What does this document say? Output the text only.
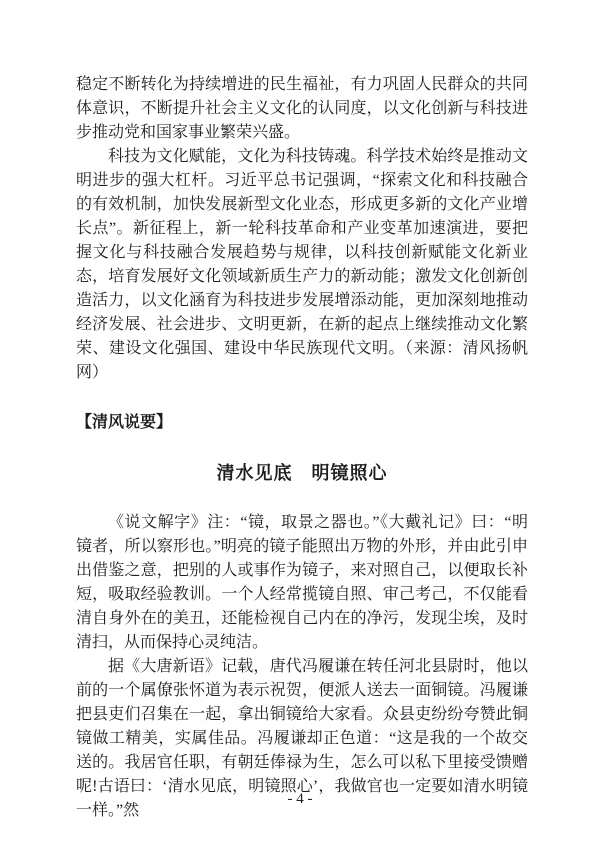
稳定不断转化为持续增进的民生福祉，有力巩固人民群众的共同体意识，不断提升社会主义文化的认同度，以文化创新与科技进步推动党和国家事业繁荣兴盛。

科技为文化赋能，文化为科技铸魂。科学技术始终是推动文明进步的强大杠杆。习近平总书记强调，“探索文化和科技融合的有效机制，加快发展新型文化业态，形成更多新的文化产业增长点”。新征程上，新一轮科技革命和产业变革加速演进，要把握文化与科技融合发展趋势与规律，以科技创新赋能文化新业态，培育发展好文化领域新质生产力的新动能；激发文化创新创造活力，以文化涵育为科技进步发展增添动能，更加深刻地推动经济发展、社会进步、文明更新，在新的起点上继续推动文化繁荣、建设文化强国、建设中华民族现代文明。（来源：清风扬帆网）

【清风说要】
清水见底　明镜照心

《说文解字》注：“镜，取景之器也。”《大戴礼记》曰：“明镜者，所以察形也。”明亮的镜子能照出万物的外形，并由此引申出借鉴之意，把别的人或事作为镜子，来对照自己，以便取长补短，吸取经验教训。一个人经常揽镜自照、审己考己，不仅能看清自身外在的美丑，还能检视自己内在的净污，发现尘埃，及时清扫，从而保持心灵纯洁。

据《大唐新语》记载，唐代冯履谦在转任河北县尉时，他以前的一个属僚张怀道为表示祝贺，便派人送去一面铜镜。冯履谦把县吏们召集在一起，拿出铜镜给大家看。众县吏纷纷夸赞此铜镜做工精美，实属佳品。冯履谦却正色道：“这是我的一个故交送的。我居官任职，有朝廷俸禄为生，怎么可以私下里接受馈赠呢!古语曰：‘清水见底，明镜照心’，我做官也一定要如清水明镜一样。”然

- 4 -
